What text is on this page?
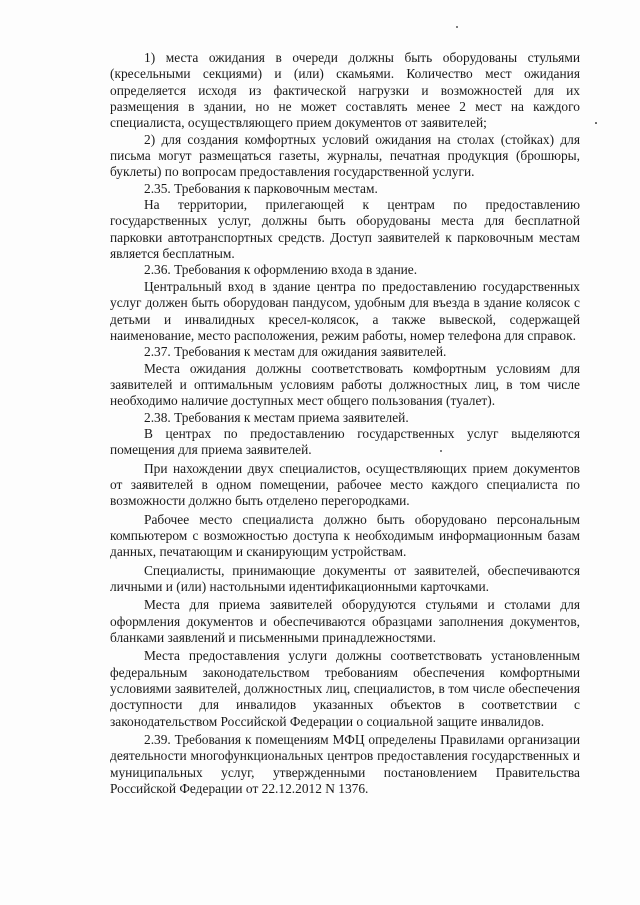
1) места ожидания в очереди должны быть оборудованы стульями (кресельными секциями) и (или) скамьями. Количество мест ожидания определяется исходя из фактической нагрузки и возможностей для их размещения в здании, но не может составлять менее 2 мест на каждого специалиста, осуществляющего прием документов от заявителей;

2) для создания комфортных условий ожидания на столах (стойках) для письма могут размещаться газеты, журналы, печатная продукция (брошюры, буклеты) по вопросам предоставления государственной услуги.

2.35. Требования к парковочным местам.

На территории, прилегающей к центрам по предоставлению государственных услуг, должны быть оборудованы места для бесплатной парковки автотранспортных средств. Доступ заявителей к парковочным местам является бесплатным.

2.36. Требования к оформлению входа в здание.

Центральный вход в здание центра по предоставлению государственных услуг должен быть оборудован пандусом, удобным для въезда в здание колясок с детьми и инвалидных кресел-колясок, а также вывеской, содержащей наименование, место расположения, режим работы, номер телефона для справок.

2.37. Требования к местам для ожидания заявителей.

Места ожидания должны соответствовать комфортным условиям для заявителей и оптимальным условиям работы должностных лиц, в том числе необходимо наличие доступных мест общего пользования (туалет).

2.38. Требования к местам приема заявителей.

В центрах по предоставлению государственных услуг выделяются помещения для приема заявителей.

При нахождении двух специалистов, осуществляющих прием документов от заявителей в одном помещении, рабочее место каждого специалиста по возможности должно быть отделено перегородками.

Рабочее место специалиста должно быть оборудовано персональным компьютером с возможностью доступа к необходимым информационным базам данных, печатающим и сканирующим устройствам.

Специалисты, принимающие документы от заявителей, обеспечиваются личными и (или) настольными идентификационными карточками.

Места для приема заявителей оборудуются стульями и столами для оформления документов и обеспечиваются образцами заполнения документов, бланками заявлений и письменными принадлежностями.

Места предоставления услуги должны соответствовать установленным федеральным законодательством требованиям обеспечения комфортными условиями заявителей, должностных лиц, специалистов, в том числе обеспечения доступности для инвалидов указанных объектов в соответствии с законодательством Российской Федерации о социальной защите инвалидов.

2.39. Требования к помещениям МФЦ определены Правилами организации деятельности многофункциональных центров предоставления государственных и муниципальных услуг, утвержденными постановлением Правительства Российской Федерации от 22.12.2012 N 1376.
